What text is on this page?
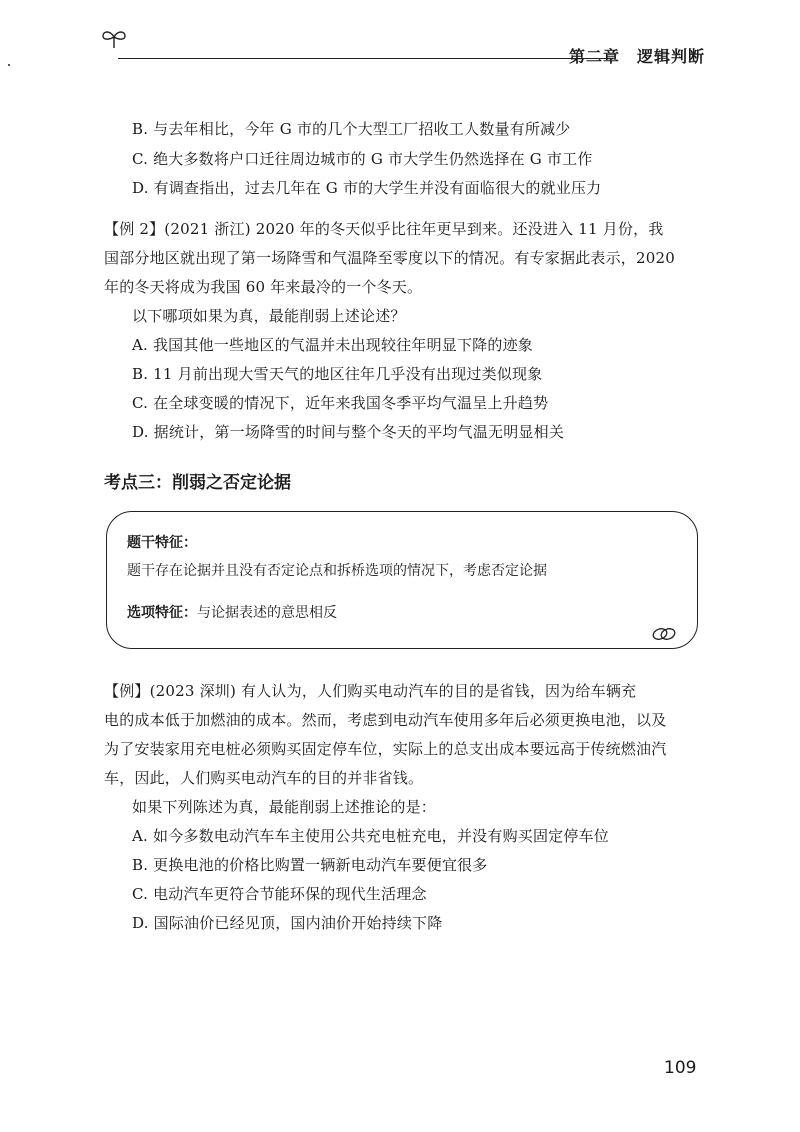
第二章　逻辑判断
B. 与去年相比，今年 G 市的几个大型工厂招收工人数量有所减少
C. 绝大多数将户口迁往周边城市的 G 市大学生仍然选择在 G 市工作
D. 有调查指出，过去几年在 G 市的大学生并没有面临很大的就业压力
【例 2】(2021 浙江) 2020 年的冬天似乎比往年更早到来。还没进入 11 月份，我
国部分地区就出现了第一场降雪和气温降至零度以下的情况。有专家据此表示，2020
年的冬天将成为我国 60 年来最冷的一个冬天。
以下哪项如果为真，最能削弱上述论述？
A. 我国其他一些地区的气温并未出现较往年明显下降的迹象
B. 11 月前出现大雪天气的地区往年几乎没有出现过类似现象
C. 在全球变暖的情况下，近年来我国冬季平均气温呈上升趋势
D. 据统计，第一场降雪的时间与整个冬天的平均气温无明显相关
考点三：削弱之否定论据
题干特征：
题干存在论据并且没有否定论点和拆桥选项的情况下，考虑否定论据
选项特征：与论据表述的意思相反
【例】(2023 深圳) 有人认为，人们购买电动汽车的目的是省钱，因为给车辆充
电的成本低于加燃油的成本。然而，考虑到电动汽车使用多年后必须更换电池，以及
为了安装家用充电桩必须购买固定停车位，实际上的总支出成本要远高于传统燃油汽
车，因此，人们购买电动汽车的目的并非省钱。
如果下列陈述为真，最能削弱上述推论的是：
A. 如今多数电动汽车车主使用公共充电桩充电，并没有购买固定停车位
B. 更换电池的价格比购置一辆新电动汽车要便宜很多
C. 电动汽车更符合节能环保的现代生活理念
D. 国际油价已经见顶，国内油价开始持续下降
109
